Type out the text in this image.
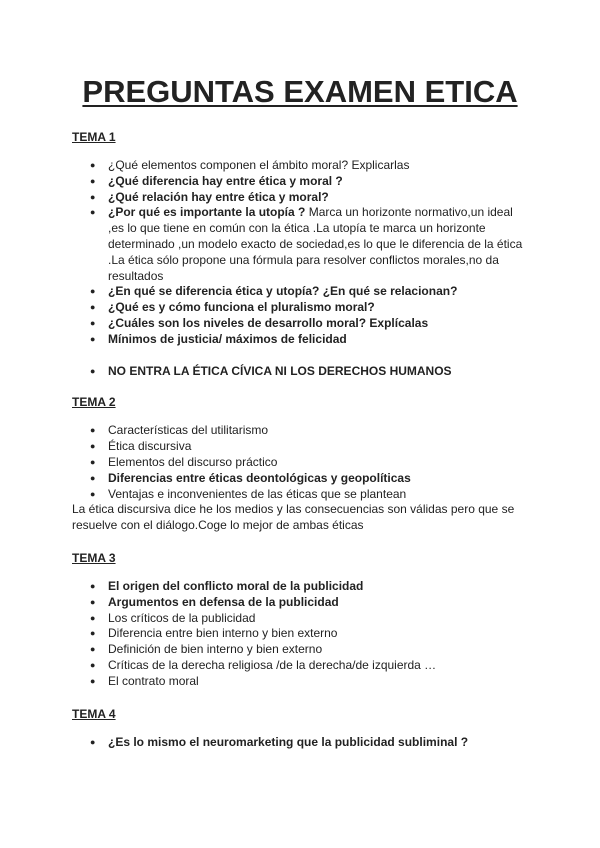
PREGUNTAS EXAMEN ETICA

TEMA 1

● ¿Qué elementos componen el ámbito moral? Explicarlas
● ¿Qué diferencia hay entre ética y moral ?
● ¿Qué relación hay entre ética y moral?
● ¿Por qué es importante la utopía ? Marca un horizonte normativo,un ideal ,es lo que tiene en común con la ética .La utopía te marca un horizonte determinado ,un modelo exacto de sociedad,es lo que le diferencia de la ética .La ética sólo propone una fórmula para resolver conflictos morales,no da resultados
● ¿En qué se diferencia ética y utopía? ¿En qué se relacionan?
● ¿Qué es y cómo funciona el pluralismo moral?
● ¿Cuáles son los niveles de desarrollo moral? Explícalas
● Mínimos de justicia/ máximos de felicidad
● NO ENTRA LA ÉTICA CÍVICA NI LOS DERECHOS HUMANOS

TEMA 2

● Características del utilitarismo
● Ética discursiva
● Elementos del discurso práctico
● Diferencias entre éticas deontológicas y geopolíticas
● Ventajas e inconvenientes de las éticas que se plantean

La ética discursiva dice he los medios y las consecuencias son válidas pero que se resuelve con el diálogo.Coge lo mejor de ambas éticas

TEMA 3

● El origen del conflicto moral de la publicidad
● Argumentos en defensa de la publicidad
● Los críticos de la publicidad
● Diferencia entre bien interno y bien externo
● Definición de bien interno y bien externo
● Críticas de la derecha religiosa /de la derecha/de izquierda …
● El contrato moral

TEMA 4

● ¿Es lo mismo el neuromarketing que la publicidad subliminal ?
